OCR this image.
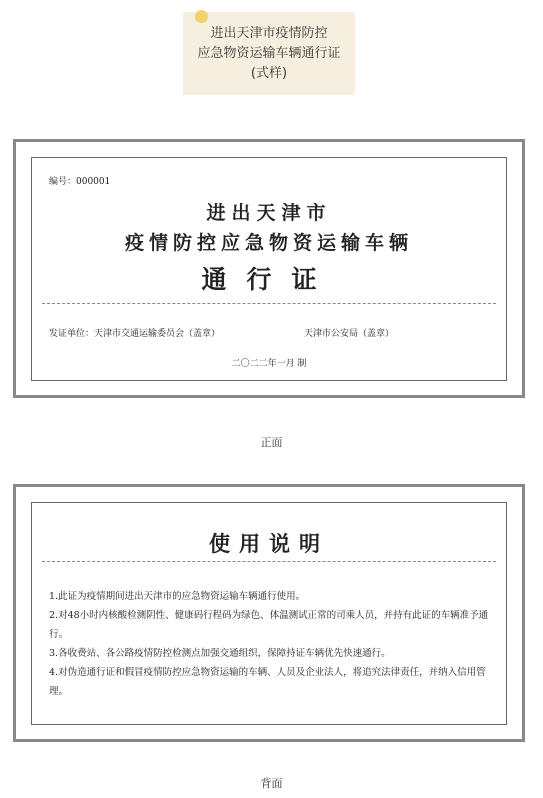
进出天津市疫情防控
应急物资运输车辆通行证
(式样)
编号：000001
进出天津市
疫情防控应急物资运输车辆
通行证
发证单位：天津市交通运输委员会（盖章）	天津市公安局（盖章）
二〇二二年一月 制
正面
使用说明

1.此证为疫情期间进出天津市的应急物资运输车辆通行使用。

2.对48小时内核酸检测阴性、健康码行程码为绿色、体温测试正常的司乘人员，并持有此证的车辆准予通行。

3.各收费站、各公路疫情防控检测点加强交通组织，保障持证车辆优先快速通行。

4.对伪造通行证和假冒疫情防控应急物资运输的车辆、人员及企业法人，将追究法律责任，并纳入信用管理。

背面
